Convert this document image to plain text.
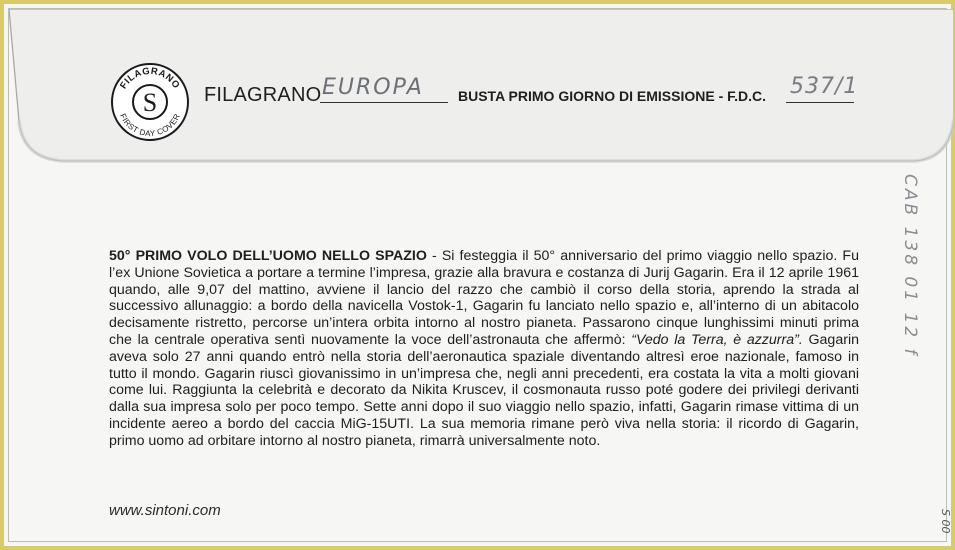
FILAGRANO
S
FIRST DAY COVER
FILAGRANO EUROPA BUSTA PRIMO GIORNO DI EMISSIONE - F.D.C. 537/1
CAB 138 01 12 f
S 00
50° PRIMO VOLO DELL’UOMO NELLO SPAZIO - Si festeggia il 50° anniversario del primo viaggio nello spazio. Fu l’ex Unione Sovietica a portare a termine l’impresa, grazie alla bravura e costanza di Jurij Gagarin. Era il 12 aprile 1961 quando, alle 9,07 del mattino, avviene il lancio del razzo che cambiò il corso della storia, aprendo la strada al successivo allunaggio: a bordo della navicella Vostok-1, Gagarin fu lanciato nello spazio e, all’interno di un abitacolo decisamente ristretto, percorse un’intera orbita intorno al nostro pianeta. Passarono cinque lunghissimi minuti prima che la centrale operativa sentì nuovamente la voce dell’astronauta che affermò: “Vedo la Terra, è azzurra”. Gagarin aveva solo 27 anni quando entrò nella storia dell’aeronautica spaziale diventando altresì eroe nazionale, famoso in tutto il mondo. Gagarin riuscì giovanissimo in un’impresa che, negli anni precedenti, era costata la vita a molti giovani come lui. Raggiunta la celebrità e decorato da Nikita Kruscev, il cosmonauta russo poté godere dei privilegi derivanti dalla sua impresa solo per poco tempo. Sette anni dopo il suo viaggio nello spazio, infatti, Gagarin rimase vittima di un incidente aereo a bordo del caccia MiG-15UTI. La sua memoria rimane però viva nella storia: il ricordo di Gagarin, primo uomo ad orbitare intorno al nostro pianeta, rimarrà universalmente noto.
www.sintoni.com
